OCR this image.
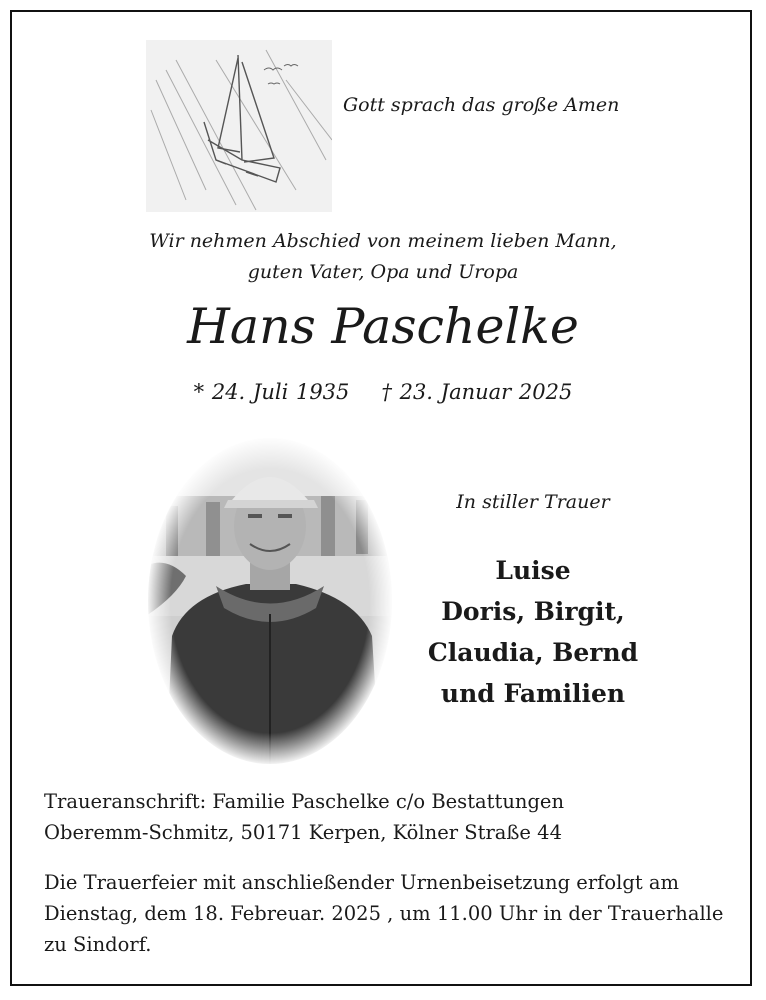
Gott sprach das große Amen
Wir nehmen Abschied von meinem lieben Mann,
guten Vater, Opa und Uropa
Hans Paschelke
* 24. Juli 1935 † 23. Januar 2025
In stiller Trauer
Luise
Doris, Birgit,
Claudia, Bernd
und Familien
Traueranschrift: Familie Paschelke c/o Bestattungen
Oberemm-Schmitz, 50171 Kerpen, Kölner Straße 44
Die Trauerfeier mit anschließender Urnenbeisetzung erfolgt am
Dienstag, dem 18. Febreuar. 2025 , um 11.00 Uhr in der Trauerhalle
zu Sindorf.
